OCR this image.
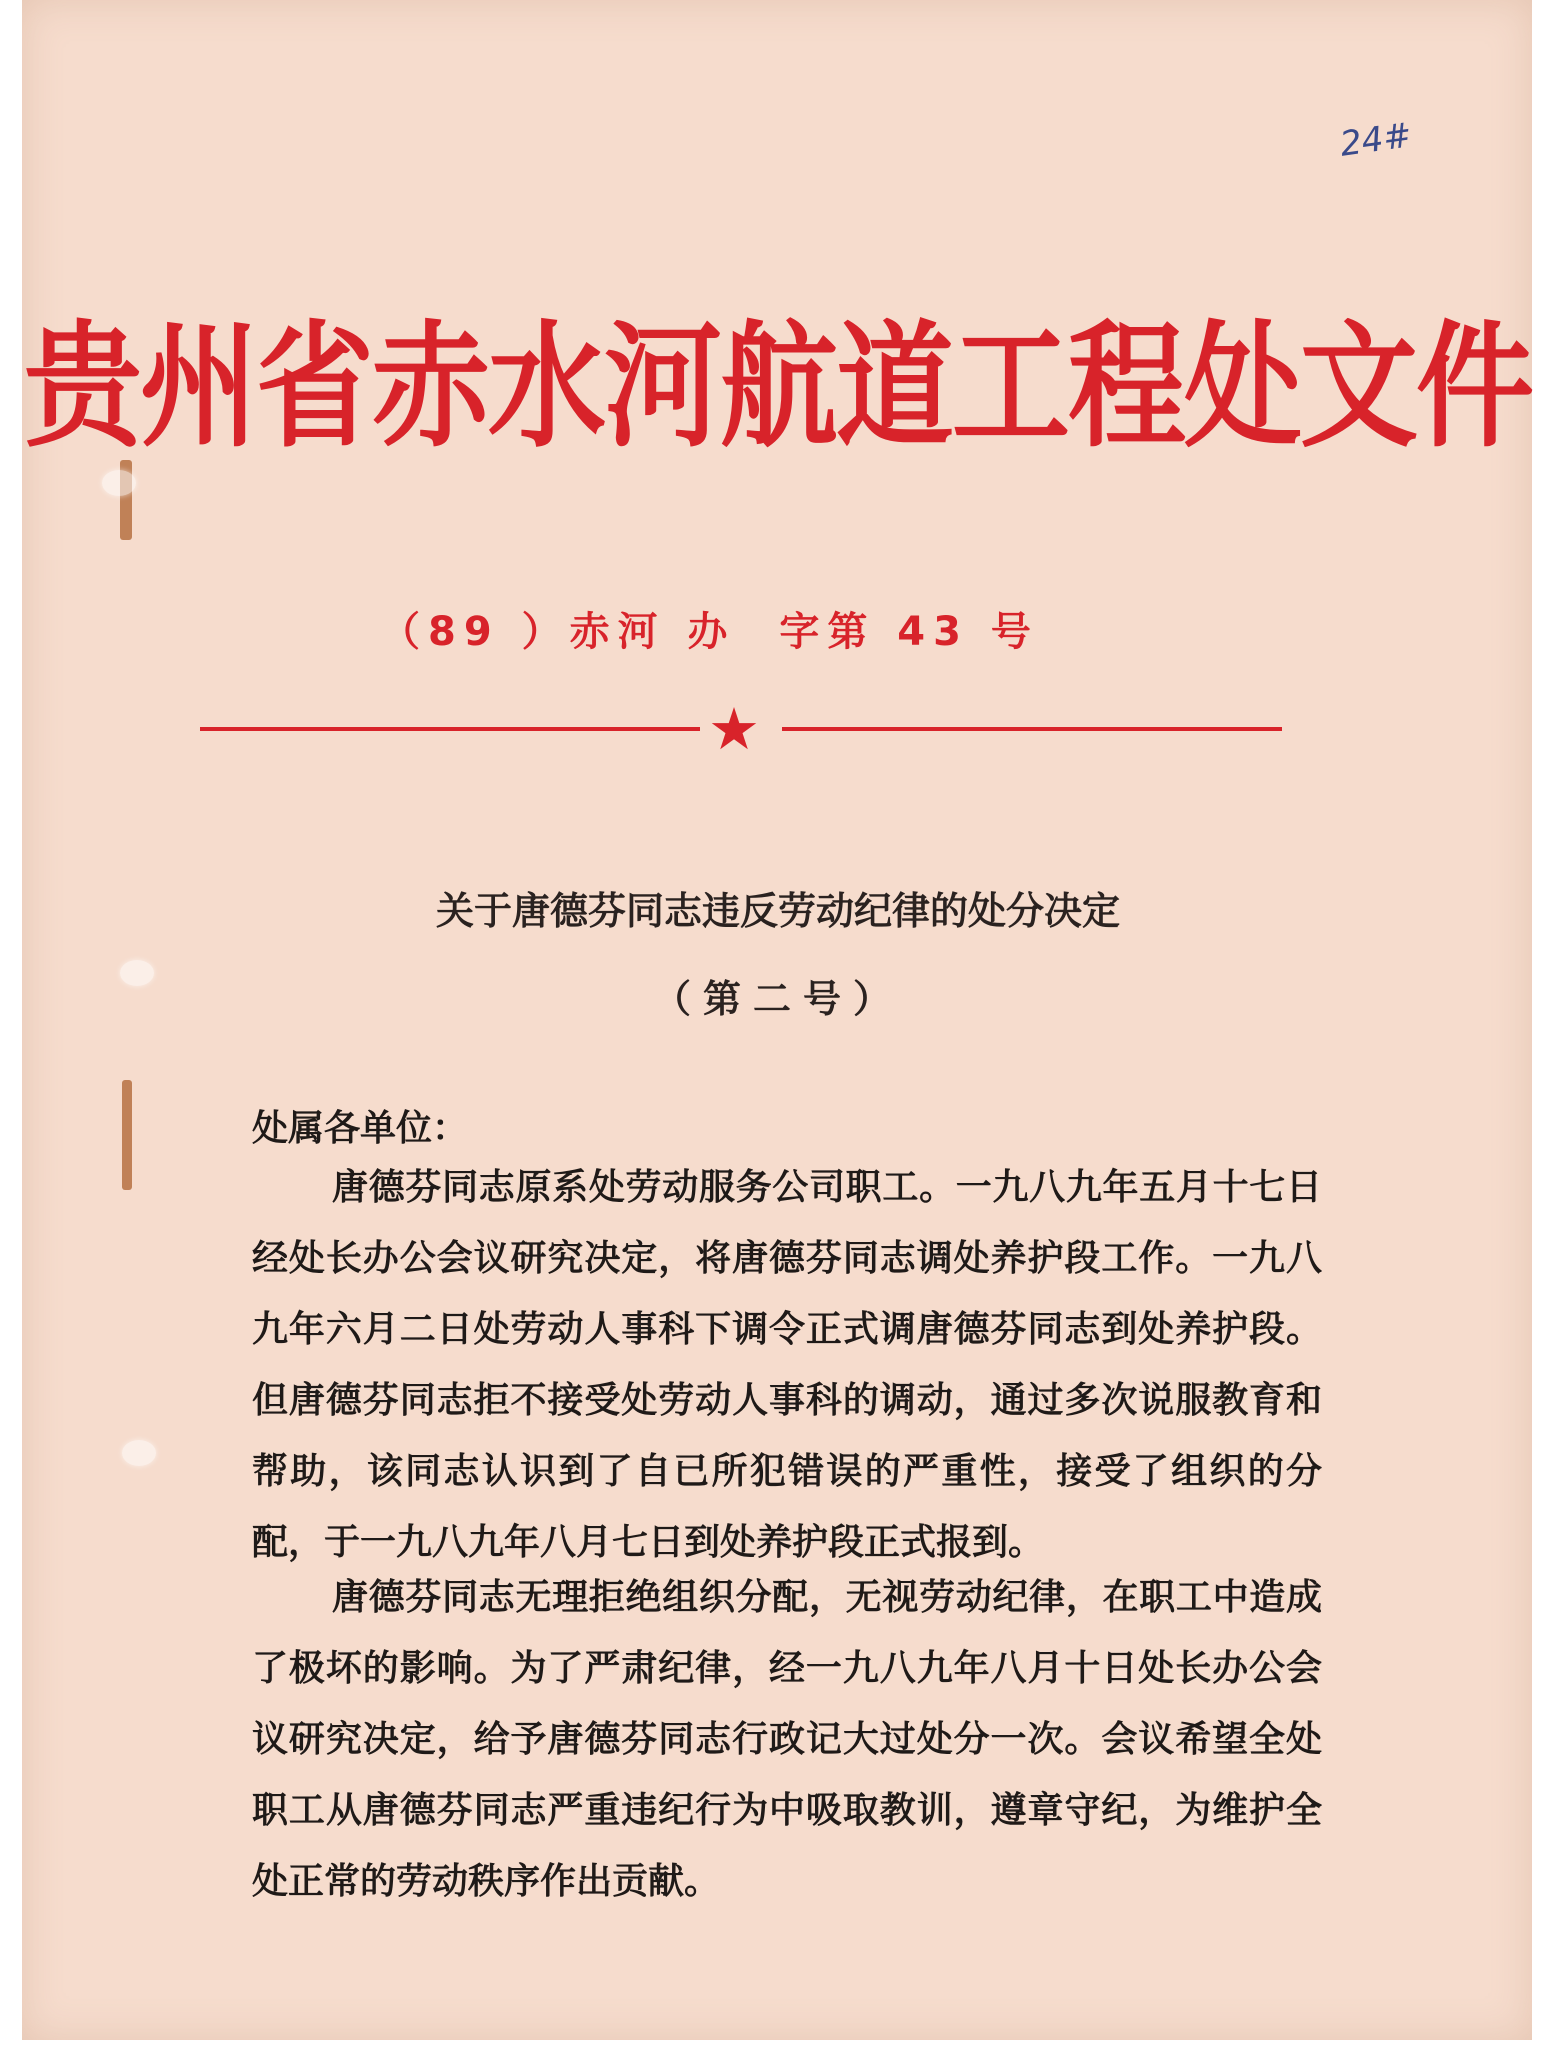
24#
贵州省赤水河航道工程处文件
（89 ）赤河 办  字第 43 号
★
关于唐德芬同志违反劳动纪律的处分决定
（第二号）
处属各单位：
唐德芬同志原系处劳动服务公司职工。一九八九年五月十七日经处长办公会议研究决定，将唐德芬同志调处养护段工作。一九八九年六月二日处劳动人事科下调令正式调唐德芬同志到处养护段。但唐德芬同志拒不接受处劳动人事科的调动，通过多次说服教育和帮助，该同志认识到了自已所犯错误的严重性，接受了组织的分配，于一九八九年八月七日到处养护段正式报到。
唐德芬同志无理拒绝组织分配，无视劳动纪律，在职工中造成了极坏的影响。为了严肃纪律，经一九八九年八月十日处长办公会议研究决定，给予唐德芬同志行政记大过处分一次。会议希望全处职工从唐德芬同志严重违纪行为中吸取教训，遵章守纪，为维护全处正常的劳动秩序作出贡献。
